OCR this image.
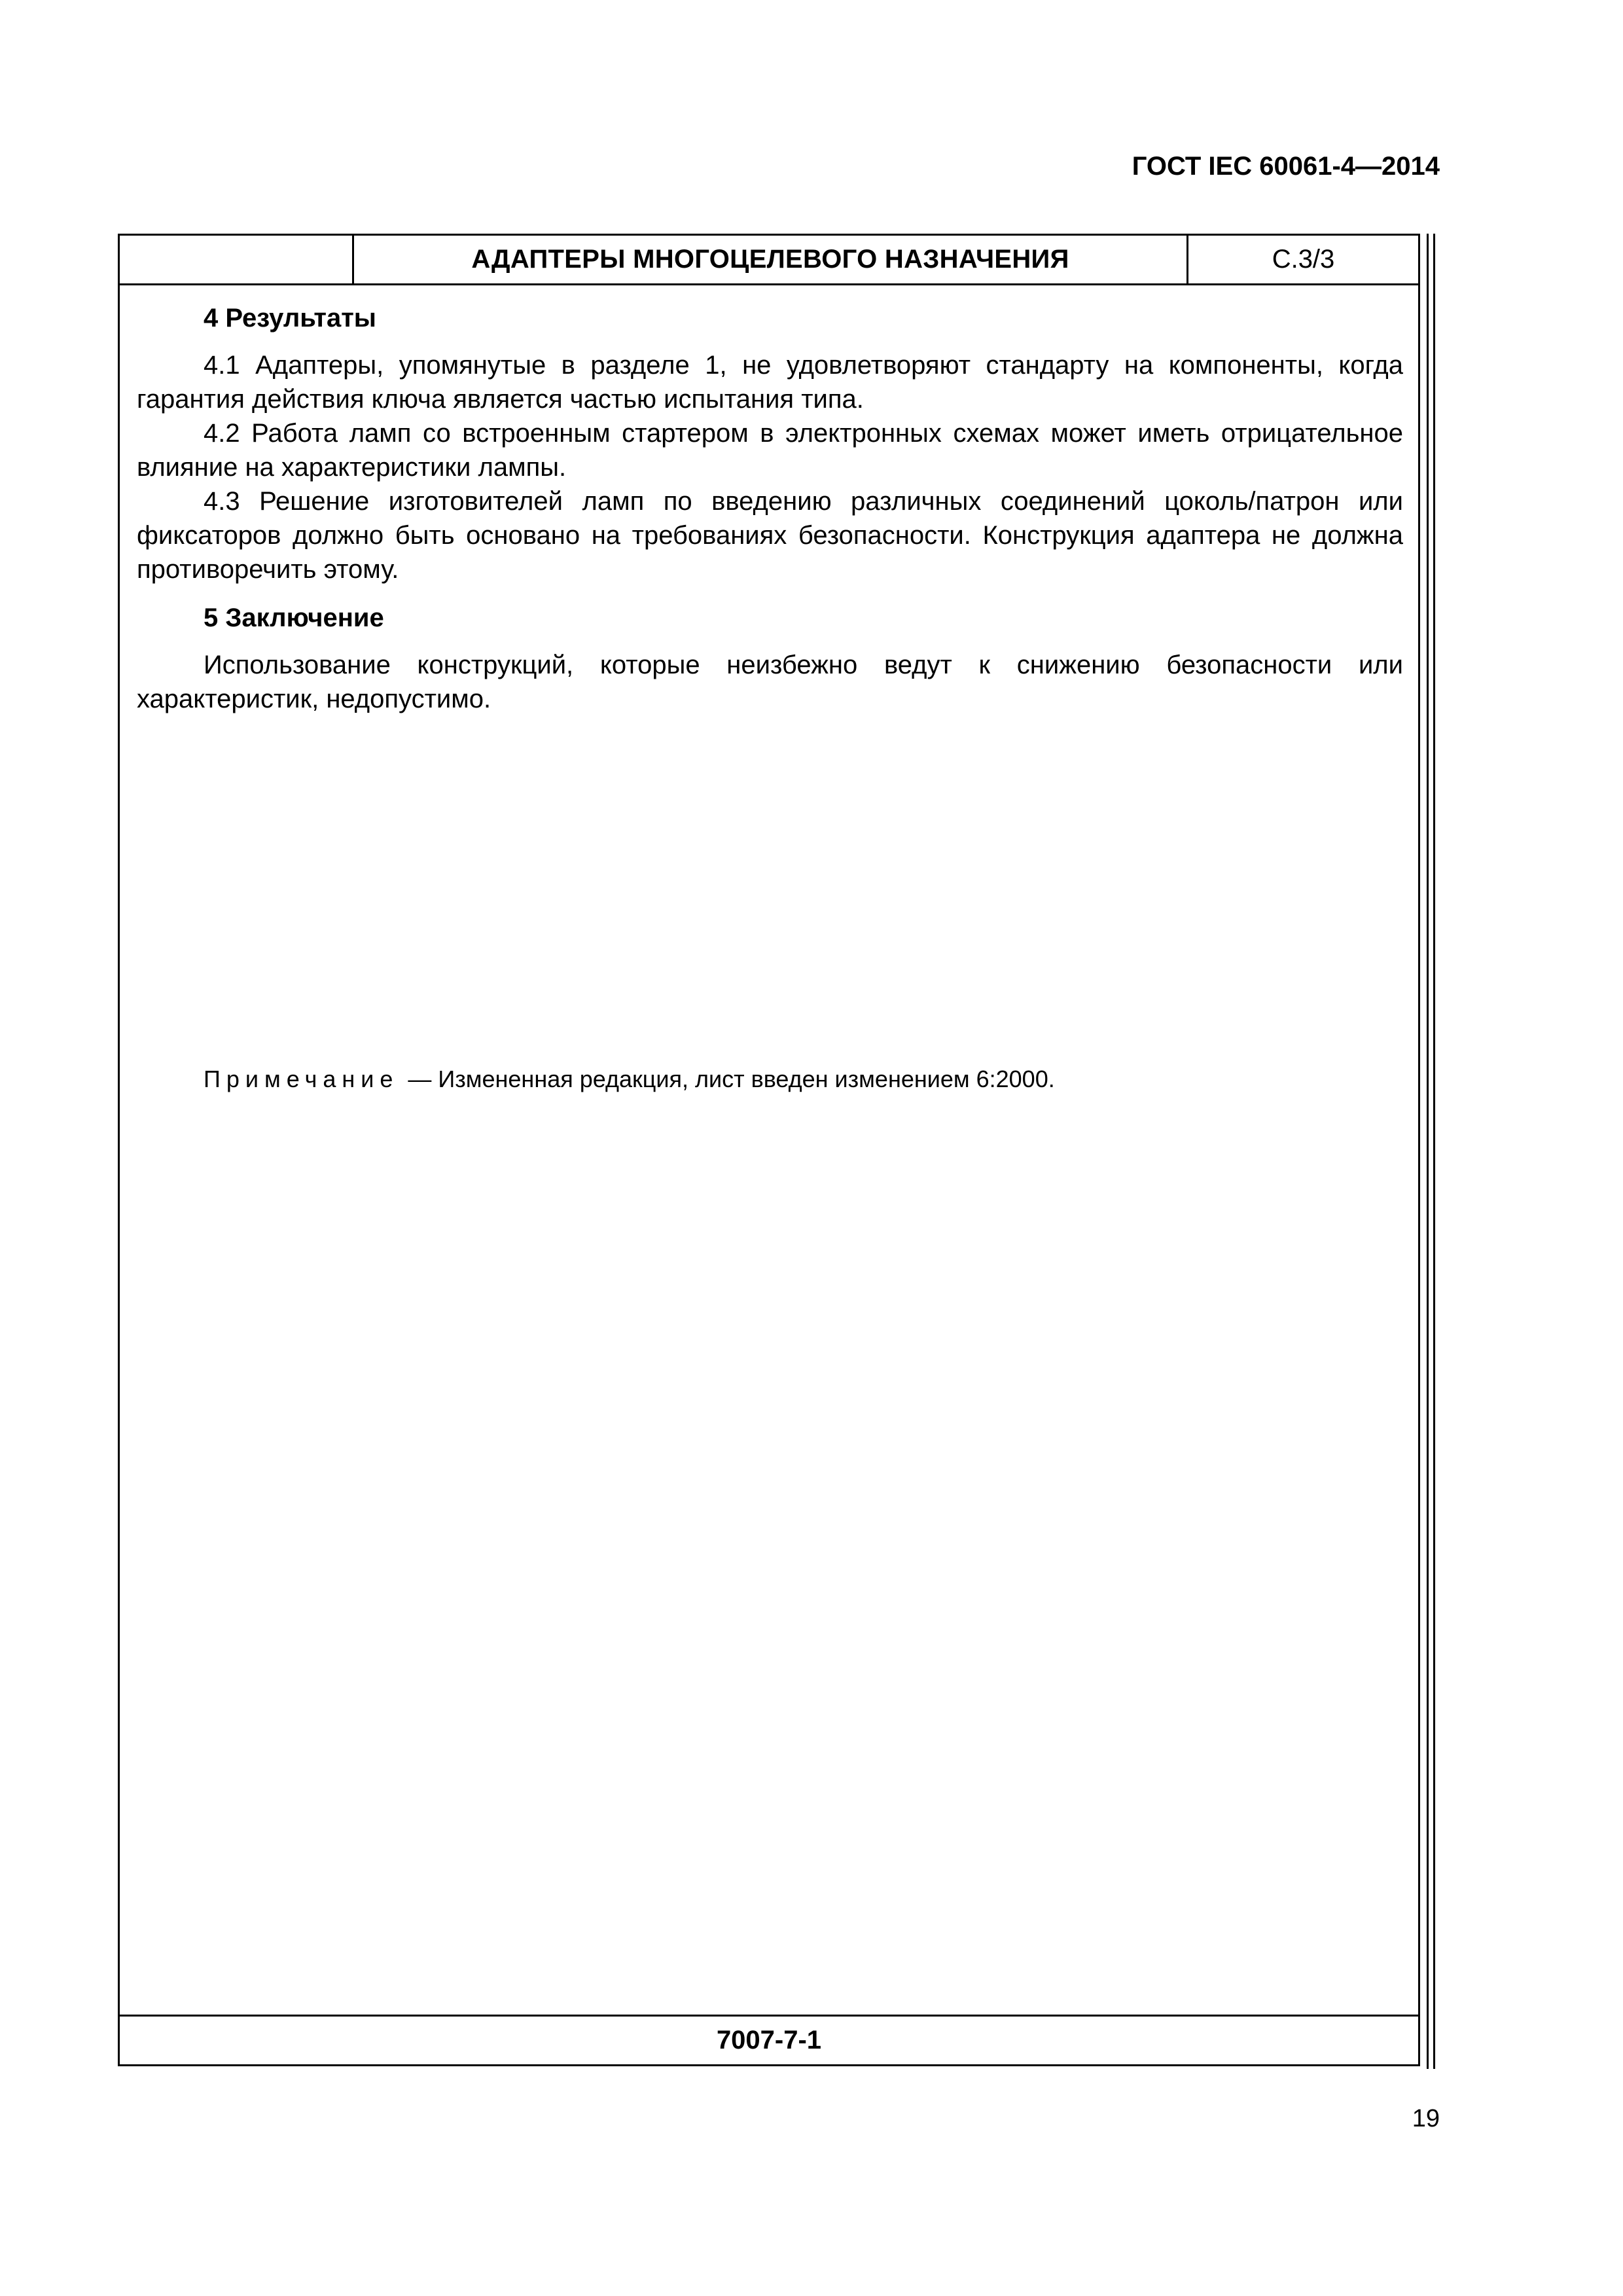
ГОСТ IEC 60061-4—2014
АДАПТЕРЫ МНОГОЦЕЛЕВОГО НАЗНАЧЕНИЯ	С.3/3
4 Результаты

4.1 Адаптеры, упомянутые в разделе 1, не удовлетворяют стандарту на компоненты, когда гарантия действия ключа является частью испытания типа.

4.2 Работа ламп со встроенным стартером в электронных схемах может иметь отрицательное влияние на характеристики лампы.

4.3 Решение изготовителей ламп по введению различных соединений цоколь/патрон или фиксаторов должно быть основано на требованиях безопасности. Конструкция адаптера не должна противоречить этому.

5 Заключение

Использование конструкций, которые неизбежно ведут к снижению безопасности или характеристик, недопустимо.

Примечание — Измененная редакция, лист введен изменением 6:2000.
7007-7-1
19
